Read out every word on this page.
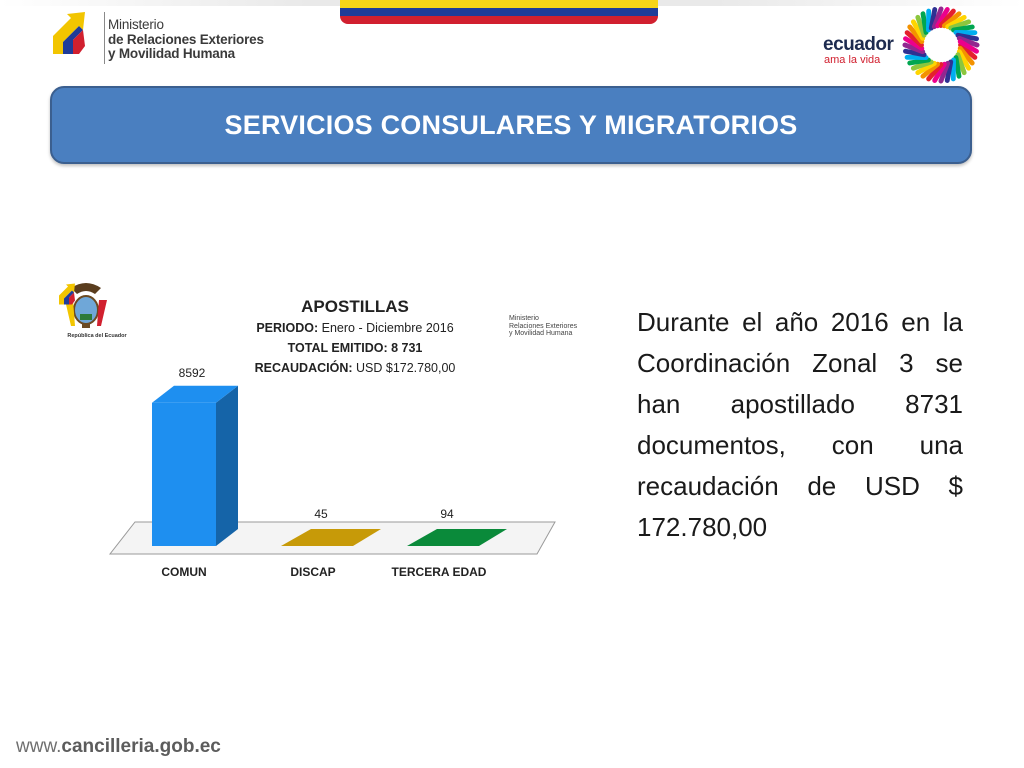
Ministerio
de Relaciones Exteriores
y Movilidad Humana	ecuador
ama la vida
SERVICIOS CONSULARES Y MIGRATORIOS
República del Ecuador
Ministerio
Relaciones Exteriores
y Movilidad Humana
APOSTILLAS
PERIODO: Enero - Diciembre 2016
TOTAL EMITIDO: 8 731
RECAUDACIÓN: USD $172.780,00
8592
COMUN
45
DISCAP
94
TERCERA EDAD
Durante el año 2016 en la Coordinación Zonal 3 se han apostillado 8731 documentos, con una recaudación de USD $ 172.780,00
www.cancilleria.gob.ec
